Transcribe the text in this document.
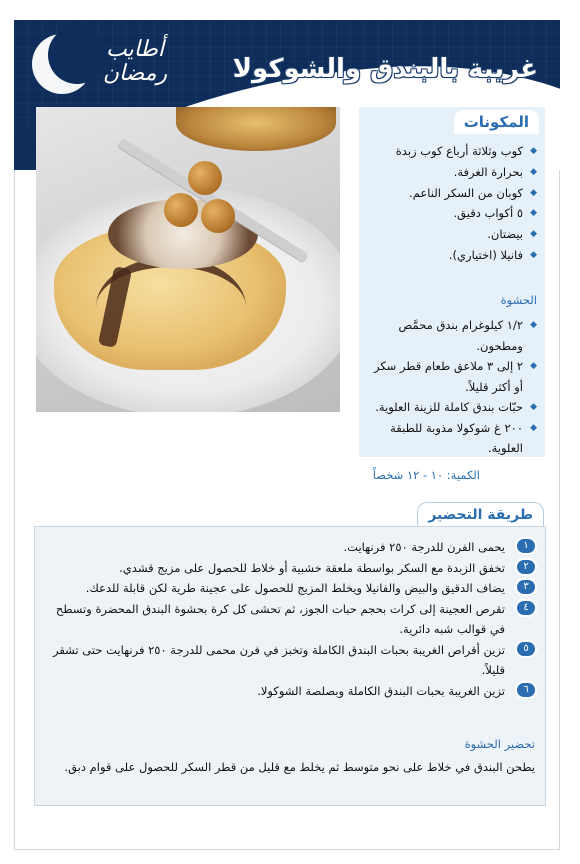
أطايب رمضان	غريبة بالبندق والشوكولا
المكونات
◆ كوب وثلاثة أرباع كوب زبدة
◆ بحرارة الغرفة.
◆ كوبان من السكر الناعم.
◆ ٥ أكواب دقيق.
◆ بيضتان.
◆ فانيلا (اختياري).
الحشوة
◆ ١/٢ كيلوغرام بندق محمَّص ومطحون.
◆ ٢ إلى ٣ ملاعق طعام قطر سكر أو أكثر قليلاً.
◆ حبّات بندق كاملة للزينة العلوية.
◆ ٢٠٠ غ شوكولا مذوبة للطبقة العلوية.
الكمية: ١٠ - ١٢ شخصاً
طريقة التحضير
١
يحمى الفرن للدرجة ٢٥٠ فرنهايت.
٢
تخفق الزبدة مع السكر بواسطة ملعقة خشبية أو خلاط للحصول على مزيج قشدي.
٣
يضاف الدقيق والبيض والفانيلا ويخلط المزيج للحصول على عجينة طرية لكن قابلة للدعك.
٤
تقرص العجينة إلى كرات بحجم حبات الجوز، ثم تحشى كل كرة بحشوة البندق المحضرة وتسطح في قوالب شبه دائرية.
٥
تزين أقراص الغريبة بحبات البندق الكاملة وتخبز في فرن محمى للدرجة ٢٥٠ فرنهايت حتى تشقر قليلاً.
٦
تزين الغريبة بحبات البندق الكاملة وبصلصة الشوكولا.
تحضير الحشوة
يطحن البندق في خلاط على نحو متوسط ثم يخلط مع قليل من قطر السكر للحصول على قوام دبق.
